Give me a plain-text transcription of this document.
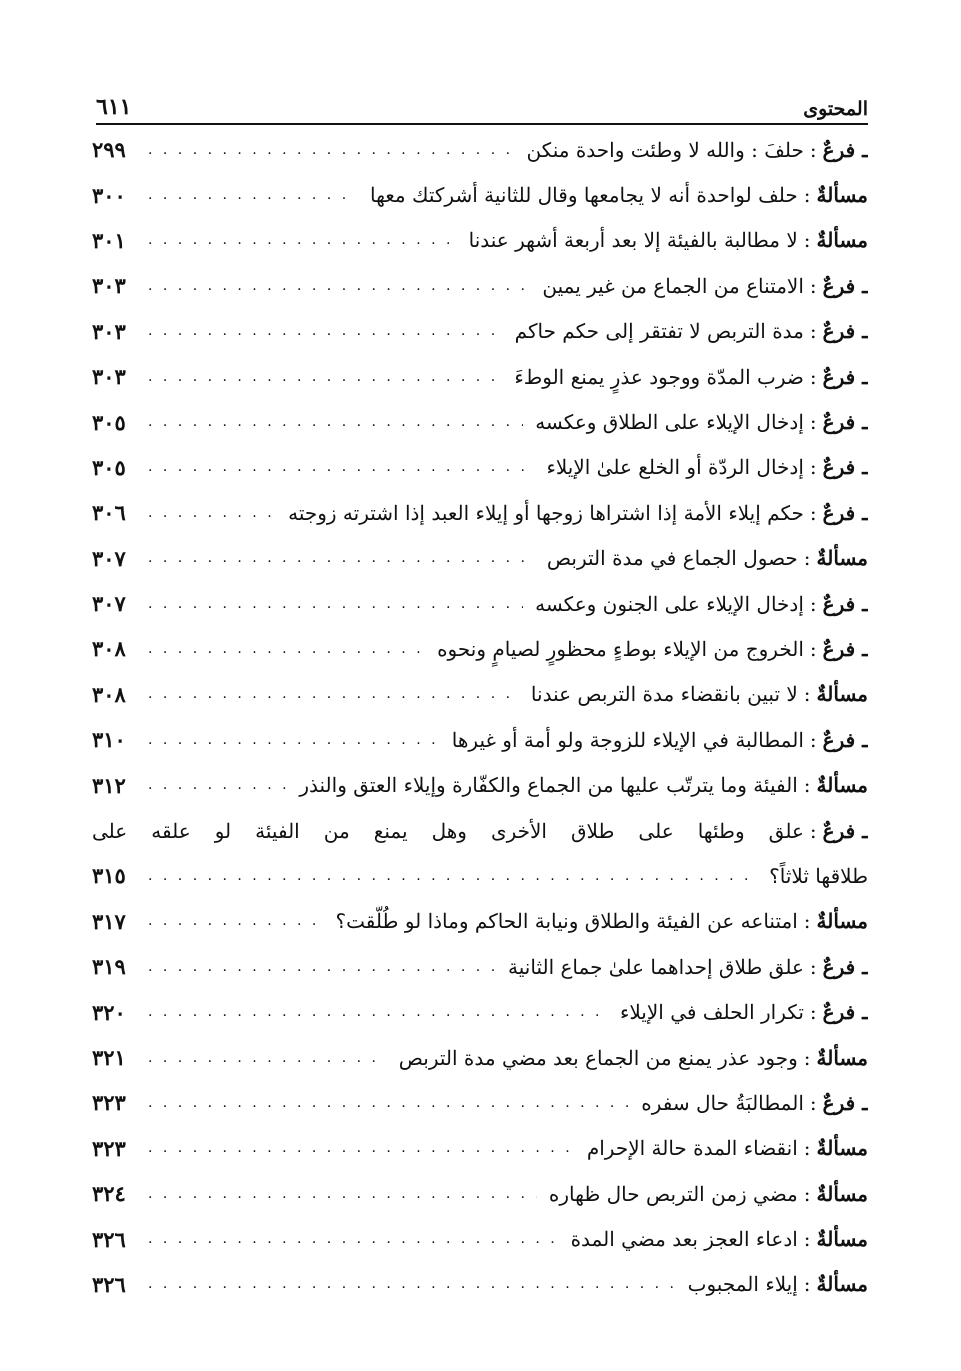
المحتوى
٦١١
ـ فرعٌ
:
حلفَ : والله لا وطئت واحدة منكن
. . .
٢٩٩
مسألةٌ
:
حلف لواحدة أنه لا يجامعها وقال للثانية أشركتك معها
. . .
٣٠٠
مسألةٌ
:
لا مطالبة بالفيئة إلا بعد أربعة أشهر عندنا
. . .
٣٠١
ـ فرعٌ
:
الامتناع من الجماع من غير يمين
. . .
٣٠٣
ـ فرعٌ
:
مدة التربص لا تفتقر إلى حكم حاكم
. . .
٣٠٣
ـ فرعٌ
:
ضرب المدّة ووجود عذرٍ يمنع الوطءَ
. . .
٣٠٣
ـ فرعٌ
:
إدخال الإيلاء على الطلاق وعكسه
. . .
٣٠٥
ـ فرعٌ
:
إدخال الردّة أو الخلع علىٰ الإيلاء
. . .
٣٠٥
ـ فرعٌ
:
حكم إيلاء الأمة إذا اشتراها زوجها أو إيلاء العبد إذا اشترته زوجته
. . .
٣٠٦
مسألةٌ
:
حصول الجماع في مدة التربص
. . .
٣٠٧
ـ فرعٌ
:
إدخال الإيلاء على الجنون وعكسه
. . .
٣٠٧
ـ فرعٌ
:
الخروج من الإيلاء بوطءٍ محظورٍ لصيامٍ ونحوه
. . .
٣٠٨
مسألةٌ
:
لا تبين بانقضاء مدة التربص عندنا
. . .
٣٠٨
ـ فرعٌ
:
المطالبة في الإيلاء للزوجة ولو أمة أو غيرها
. . .
٣١٠
مسألةٌ
:
الفيئة وما يترتّب عليها من الجماع والكفّارة وإيلاء العتق والنذر
. . .
٣١٢
ـ فرعٌ
:
علق وطئها على طلاق الأخرى وهل يمنع من الفيئة لو علقه على
طلاقها ثلاثاً؟
. . .
٣١٥
مسألةٌ
:
امتناعه عن الفيئة والطلاق ونيابة الحاكم وماذا لو طُلّقت؟
. . .
٣١٧
ـ فرعٌ
:
علق طلاق إحداهما علىٰ جماع الثانية
. . .
٣١٩
ـ فرعٌ
:
تكرار الحلف في الإيلاء
. . .
٣٢٠
مسألةٌ
:
وجود عذر يمنع من الجماع بعد مضي مدة التربص
. . .
٣٢١
ـ فرعٌ
:
المطالبَةُ حال سفره
. . .
٣٢٣
مسألةٌ
:
انقضاء المدة حالة الإحرام
. . .
٣٢٣
مسألةٌ
:
مضي زمن التربص حال ظهاره
. . .
٣٢٤
مسألةٌ
:
ادعاء العجز بعد مضي المدة
. . .
٣٢٦
مسألةٌ
:
إيلاء المجبوب
. . .
٣٢٦
